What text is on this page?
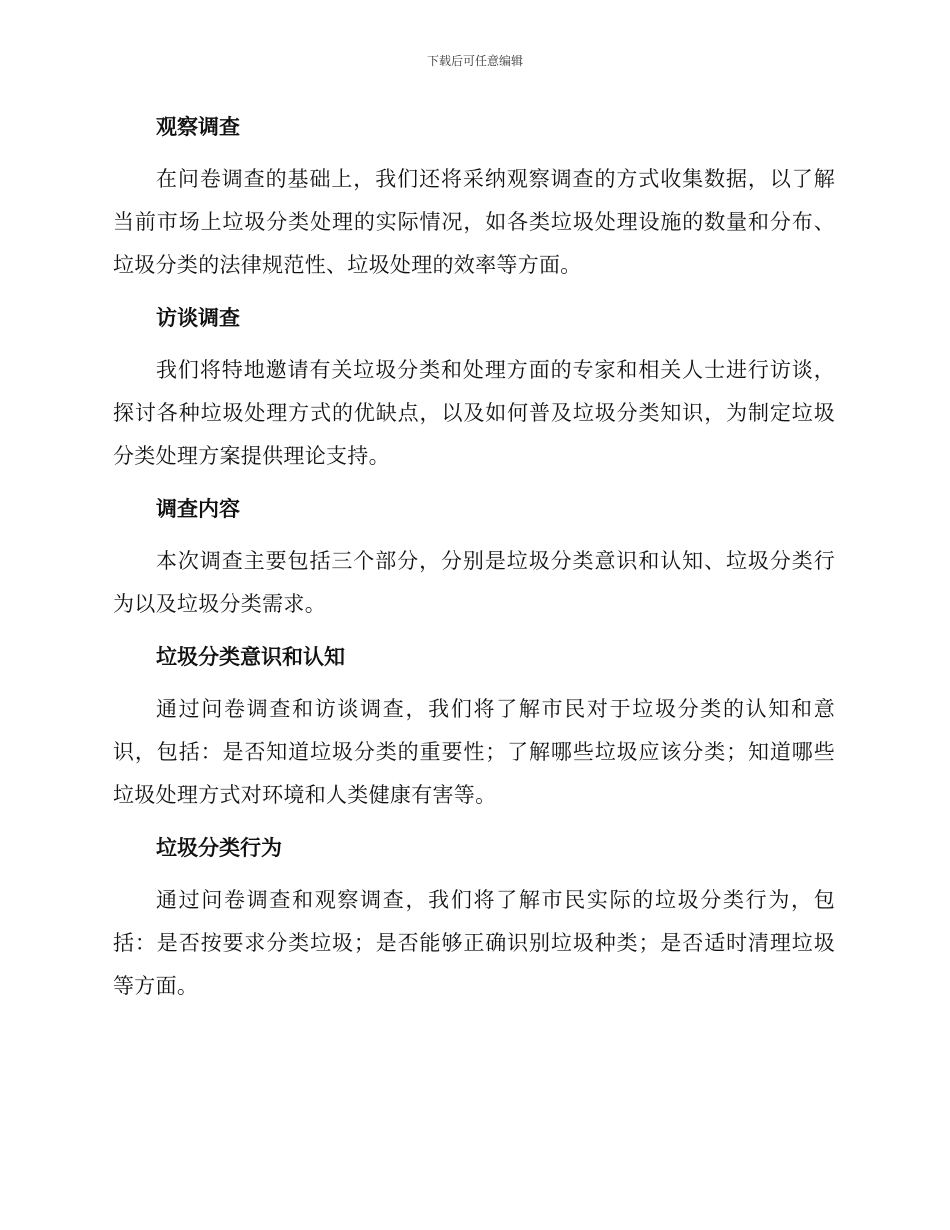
下载后可任意编辑
观察调查

在问卷调查的基础上，我们还将采纳观察调查的方式收集数据，以了解当前市场上垃圾分类处理的实际情况，如各类垃圾处理设施的数量和分布、垃圾分类的法律规范性、垃圾处理的效率等方面。

访谈调查

我们将特地邀请有关垃圾分类和处理方面的专家和相关人士进行访谈，探讨各种垃圾处理方式的优缺点，以及如何普及垃圾分类知识，为制定垃圾分类处理方案提供理论支持。

调查内容

本次调查主要包括三个部分，分别是垃圾分类意识和认知、垃圾分类行为以及垃圾分类需求。

垃圾分类意识和认知

通过问卷调查和访谈调查，我们将了解市民对于垃圾分类的认知和意识，包括：是否知道垃圾分类的重要性；了解哪些垃圾应该分类；知道哪些垃圾处理方式对环境和人类健康有害等。

垃圾分类行为

通过问卷调查和观察调查，我们将了解市民实际的垃圾分类行为，包括：是否按要求分类垃圾；是否能够正确识别垃圾种类；是否适时清理垃圾等方面。
